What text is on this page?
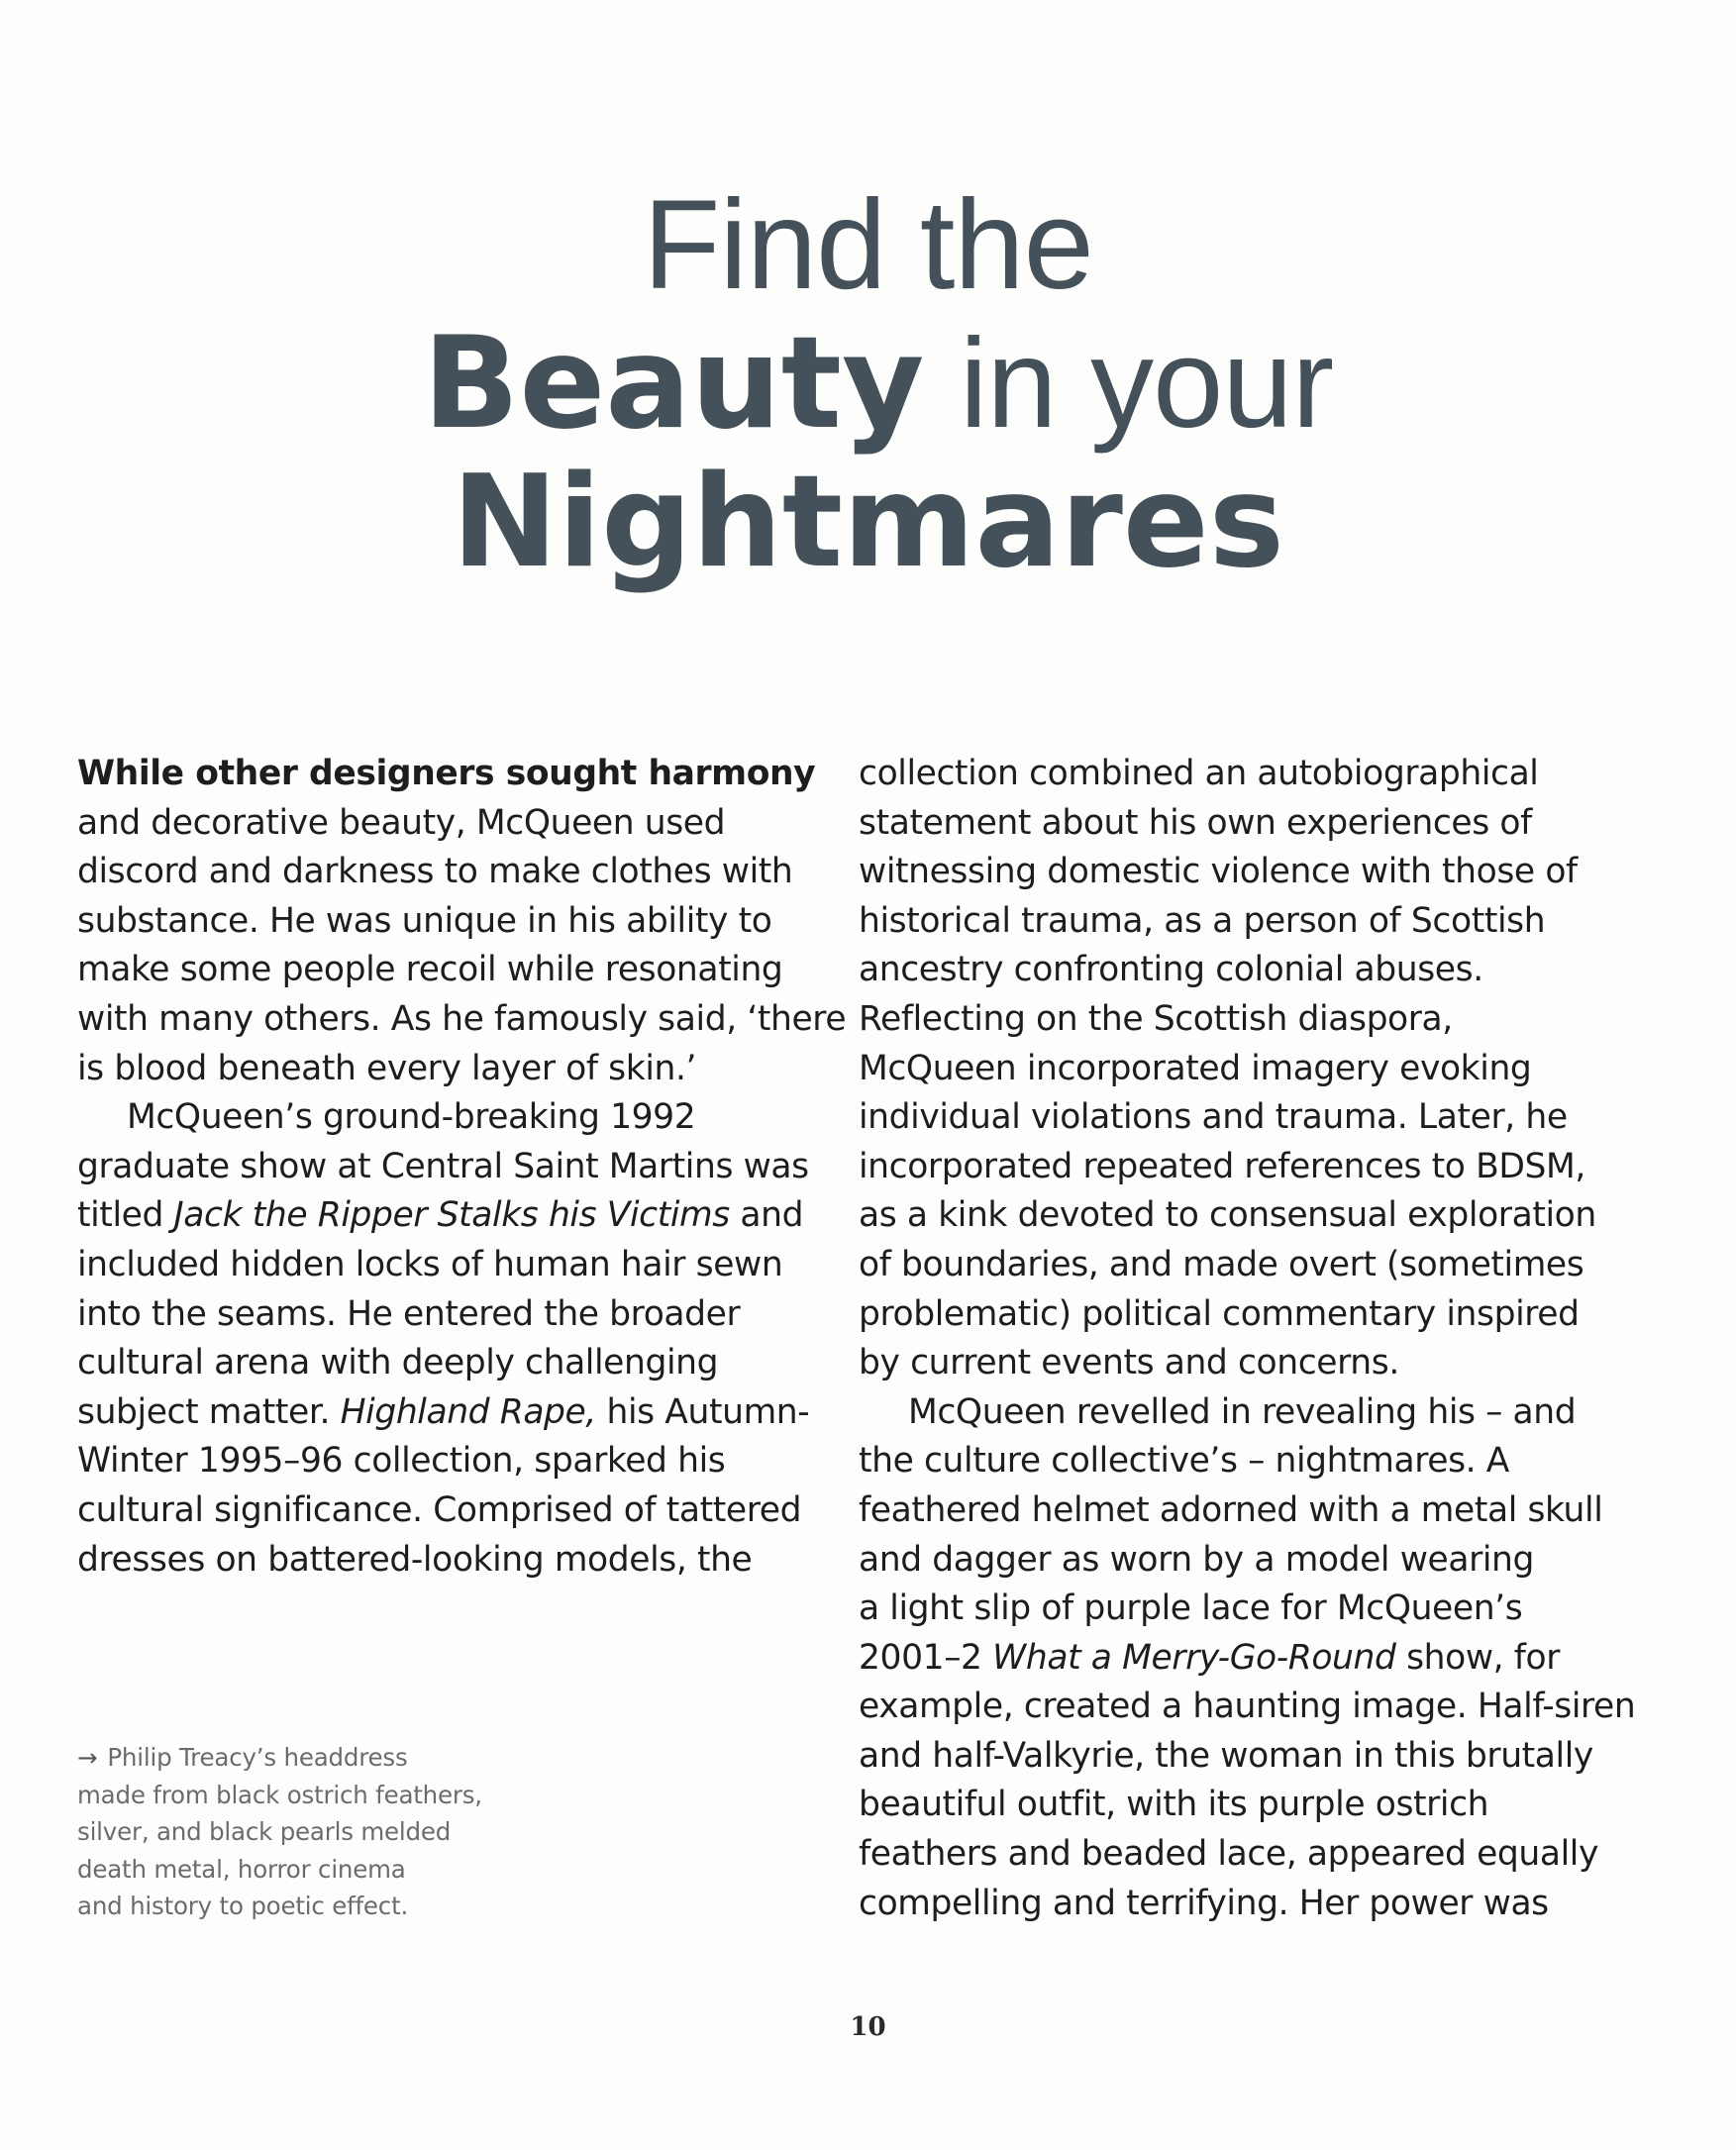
Find the
Beauty in your
Nightmares

While other designers sought harmony
and decorative beauty, McQueen used
discord and darkness to make clothes with
substance. He was unique in his ability to
make some people recoil while resonating
with many others. As he famously said, ‘there
is blood beneath every layer of skin.’

McQueen’s ground-breaking 1992
graduate show at Central Saint Martins was
titled Jack the Ripper Stalks his Victims and
included hidden locks of human hair sewn
into the seams. He entered the broader
cultural arena with deeply challenging
subject matter. Highland Rape, his Autumn-
Winter 1995–96 collection, sparked his
cultural significance. Comprised of tattered
dresses on battered-looking models, the

collection combined an autobiographical
statement about his own experiences of
witnessing domestic violence with those of
historical trauma, as a person of Scottish
ancestry confronting colonial abuses.
Reflecting on the Scottish diaspora,
McQueen incorporated imagery evoking
individual violations and trauma. Later, he
incorporated repeated references to BDSM,
as a kink devoted to consensual exploration
of boundaries, and made overt (sometimes
problematic) political commentary inspired
by current events and concerns.

McQueen revelled in revealing his – and
the culture collective’s – nightmares. A
feathered helmet adorned with a metal skull
and dagger as worn by a model wearing
a light slip of purple lace for McQueen’s
2001–2 What a Merry-Go-Round show, for
example, created a haunting image. Half-siren
and half-Valkyrie, the woman in this brutally
beautiful outfit, with its purple ostrich
feathers and beaded lace, appeared equally
compelling and terrifying. Her power was

→ Philip Treacy’s headdress
made from black ostrich feathers,
silver, and black pearls melded
death metal, horror cinema
and history to poetic effect.
10
